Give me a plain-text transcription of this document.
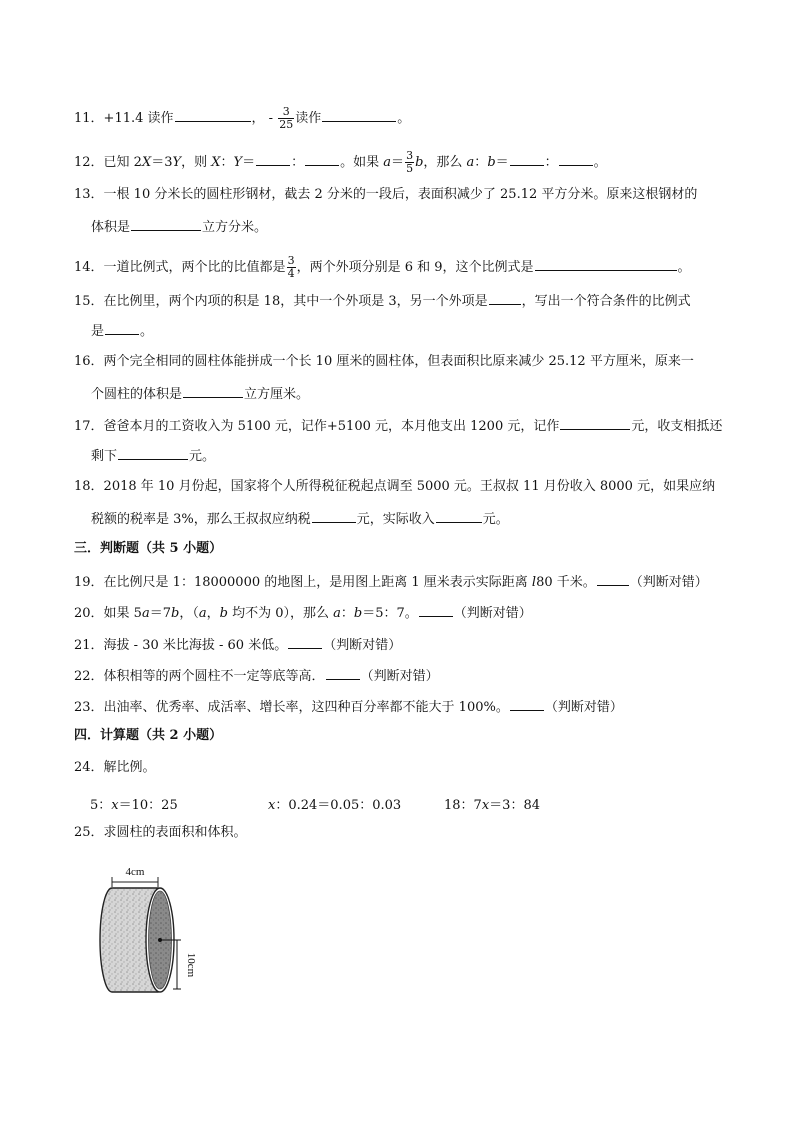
11．+11.4 读作	， - $\frac{3}{25}$ 读作	。
12．已知 2X＝3Y，则 X：Y＝	：	。如果 $a= \frac{3}{5}$ b，那么 a：b＝	：	。
13．一根 10 分米长的圆柱形钢材，截去 2 分米的一段后，表面积减少了 25.12 平方分米。原来这根钢材的
体积是	立方分米。
14．一道比例式，两个比的比值都是 $\frac{3}{4}$ ，两个外项分别是 6 和 9，这个比例式是	。
15．在比例里，两个内项的积是 18，其中一个外项是 3，另一个外项是	，写出一个符合条件的比例式
是	。
16．两个完全相同的圆柱体能拼成一个长 10 厘米的圆柱体，但表面积比原来减少 25.12 平方厘米，原来一
个圆柱的体积是	立方厘米。
17．爸爸本月的工资收入为 5100 元，记作+5100 元，本月他支出 1200 元，记作	元，收支相抵还
剩下	元。
18．2018 年 10 月份起，国家将个人所得税征税起点调至 5000 元。王叔叔 11 月份收入 8000 元，如果应纳
税额的税率是 3%，那么王叔叔应纳税	元，实际收入	元。
三．判断题（共 5 小题）
19．在比例尺是 1：18000000 的地图上，是用图上距离 1 厘米表示实际距离 l80 千米。	（判断对错）
20．如果 5a＝7b，（a，b 均不为 0），那么 a：b＝5：7。	（判断对错）
21．海拔 - 30 米比海拔 - 60 米低。	（判断对错）
22．体积相等的两个圆柱不一定等底等高．	（判断对错）
23．出油率、优秀率、成活率、增长率，这四种百分率都不能大于 100%。	（判断对错）
四．计算题（共 2 小题）
24．解比例。
5：x＝10：25	x：0.24＝0.05：0.03	18：7x＝3：84
25．求圆柱的表面积和体积。
4cm
10cm
